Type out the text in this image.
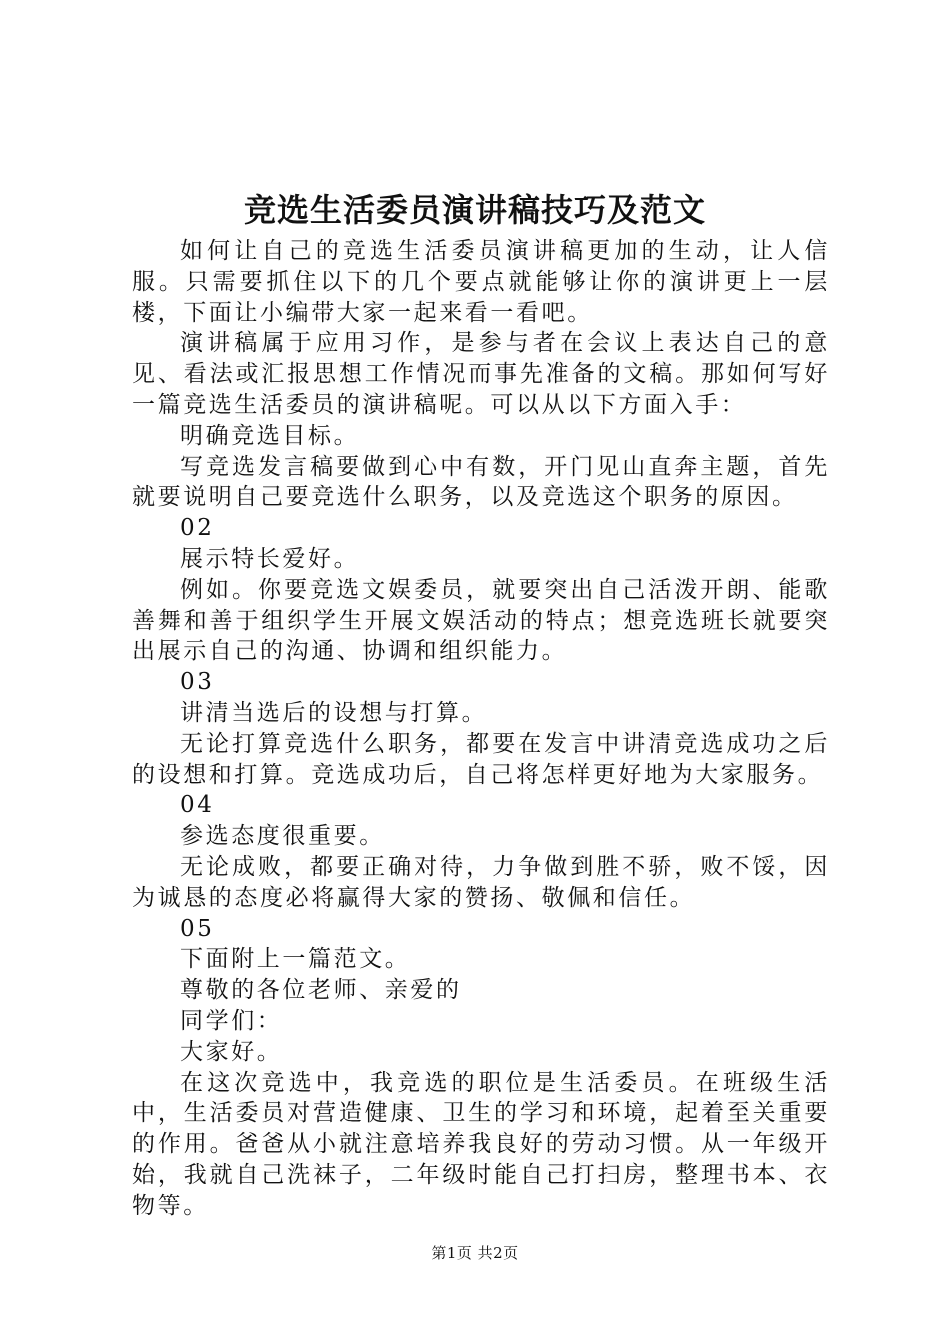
竞选生活委员演讲稿技巧及范文

如何让自己的竞选生活委员演讲稿更加的生动，让人信服。只需要抓住以下的几个要点就能够让你的演讲更上一层楼，下面让小编带大家一起来看一看吧。

演讲稿属于应用习作，是参与者在会议上表达自己的意见、看法或汇报思想工作情况而事先准备的文稿。那如何写好一篇竞选生活委员的演讲稿呢。可以从以下方面入手：

明确竞选目标。

写竞选发言稿要做到心中有数，开门见山直奔主题，首先就要说明自己要竞选什么职务，以及竞选这个职务的原因。

02

展示特长爱好。

例如。你要竞选文娱委员，就要突出自己活泼开朗、能歌善舞和善于组织学生开展文娱活动的特点；想竞选班长就要突出展示自己的沟通、协调和组织能力。

03

讲清当选后的设想与打算。

无论打算竞选什么职务，都要在发言中讲清竞选成功之后的设想和打算。竞选成功后，自己将怎样更好地为大家服务。

04

参选态度很重要。

无论成败，都要正确对待，力争做到胜不骄，败不馁，因为诚恳的态度必将赢得大家的赞扬、敬佩和信任。

05

下面附上一篇范文。

尊敬的各位老师、亲爱的

同学们：

大家好。

在这次竞选中，我竞选的职位是生活委员。在班级生活中，生活委员对营造健康、卫生的学习和环境，起着至关重要的作用。爸爸从小就注意培养我良好的劳动习惯。从一年级开始，我就自己洗袜子，二年级时能自己打扫房，整理书本、衣物等。

第1页 共2页
